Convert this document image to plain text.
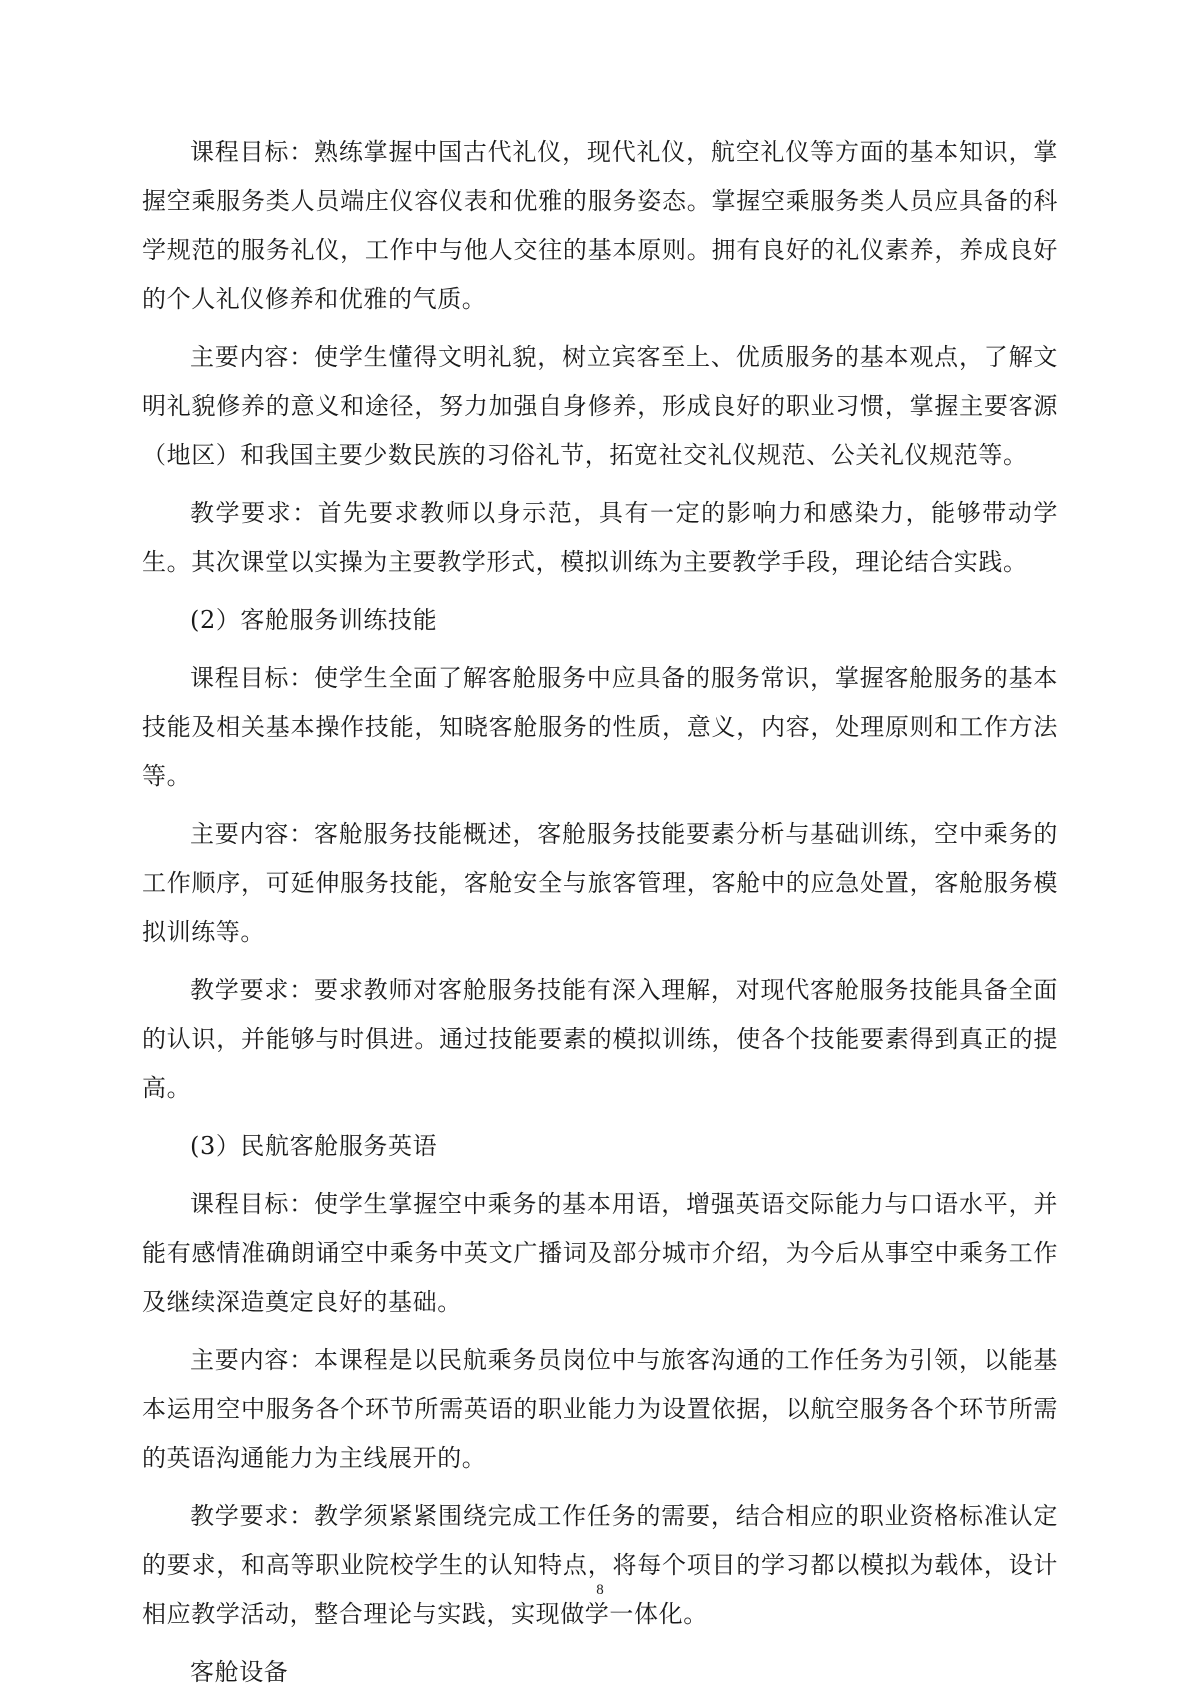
课程目标：熟练掌握中国古代礼仪，现代礼仪，航空礼仪等方面的基本知识，掌握空乘服务类人员端庄仪容仪表和优雅的服务姿态。掌握空乘服务类人员应具备的科学规范的服务礼仪，工作中与他人交往的基本原则。拥有良好的礼仪素养，养成良好的个人礼仪修养和优雅的气质。

主要内容：使学生懂得文明礼貌，树立宾客至上、优质服务的基本观点，了解文明礼貌修养的意义和途径，努力加强自身修养，形成良好的职业习惯，掌握主要客源（地区）和我国主要少数民族的习俗礼节，拓宽社交礼仪规范、公关礼仪规范等。

教学要求：首先要求教师以身示范，具有一定的影响力和感染力，能够带动学生。其次课堂以实操为主要教学形式，模拟训练为主要教学手段，理论结合实践。

(2）客舱服务训练技能

课程目标：使学生全面了解客舱服务中应具备的服务常识，掌握客舱服务的基本技能及相关基本操作技能，知晓客舱服务的性质，意义，内容，处理原则和工作方法等。

主要内容：客舱服务技能概述，客舱服务技能要素分析与基础训练，空中乘务的工作顺序，可延伸服务技能，客舱安全与旅客管理，客舱中的应急处置，客舱服务模拟训练等。

教学要求：要求教师对客舱服务技能有深入理解，对现代客舱服务技能具备全面的认识，并能够与时俱进。通过技能要素的模拟训练，使各个技能要素得到真正的提高。

(3）民航客舱服务英语

课程目标：使学生掌握空中乘务的基本用语，增强英语交际能力与口语水平，并能有感情准确朗诵空中乘务中英文广播词及部分城市介绍，为今后从事空中乘务工作及继续深造奠定良好的基础。

主要内容：本课程是以民航乘务员岗位中与旅客沟通的工作任务为引领，以能基本运用空中服务各个环节所需英语的职业能力为设置依据，以航空服务各个环节所需的英语沟通能力为主线展开的。

教学要求：教学须紧紧围绕完成工作任务的需要，结合相应的职业资格标准认定的要求，和高等职业院校学生的认知特点，将每个项目的学习都以模拟为载体，设计相应教学活动，整合理论与实践，实现做学一体化。

客舱设备

8
